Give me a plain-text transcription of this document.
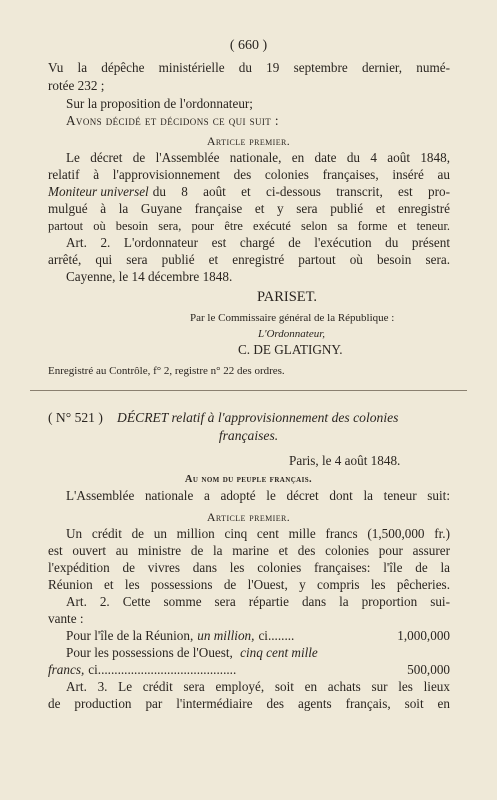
( 660 )
Vu la dépêche ministérielle du 19 septembre dernier, numé-
rotée 232 ;
Sur la proposition de l'ordonnateur;
Avons décidé et décidons ce qui suit :
Article premier.
Le décret de l'Assemblée nationale, en date du 4 août 1848,
relatif à l'approvisionnement des colonies françaises, inséré au
Moniteur universel du 8 août et ci-dessous transcrit, est pro-
mulgué à la Guyane française et y sera publié et enregistré
partout où besoin sera, pour être exécuté selon sa forme et teneur.
Art. 2. L'ordonnateur est chargé de l'exécution du présent
arrêté, qui sera publié et enregistré partout où besoin sera.
Cayenne, le 14 décembre 1848.
PARISET.
Par le Commissaire général de la République :
L'Ordonnateur,
C. DE GLATIGNY.
Enregistré au Contrôle, f° 2, registre n° 22 des ordres.
( N° 521 ) DÉCRET relatif à l'approvisionnement des colonies
françaises.
Paris, le 4 août 1848.
Au nom du peuple français.
L'Assemblée nationale a adopté le décret dont la teneur suit:
Article premier.
Un crédit de un million cinq cent mille francs (1,500,000 fr.)
est ouvert au ministre de la marine et des colonies pour assurer
l'expédition de vivres dans les colonies françaises: l'île de la
Réunion et les possessions de l'Ouest, y compris les pêcheries.
Art. 2. Cette somme sera répartie dans la proportion sui-
vante :
Pour l'île de la Réunion, un million, ci........	1,000,000
Pour les possessions de l'Ouest, cinq cent mille
francs, ci..........................................	500,000
Art. 3. Le crédit sera employé, soit en achats sur les lieux
de production par l'intermédiaire des agents français, soit en
